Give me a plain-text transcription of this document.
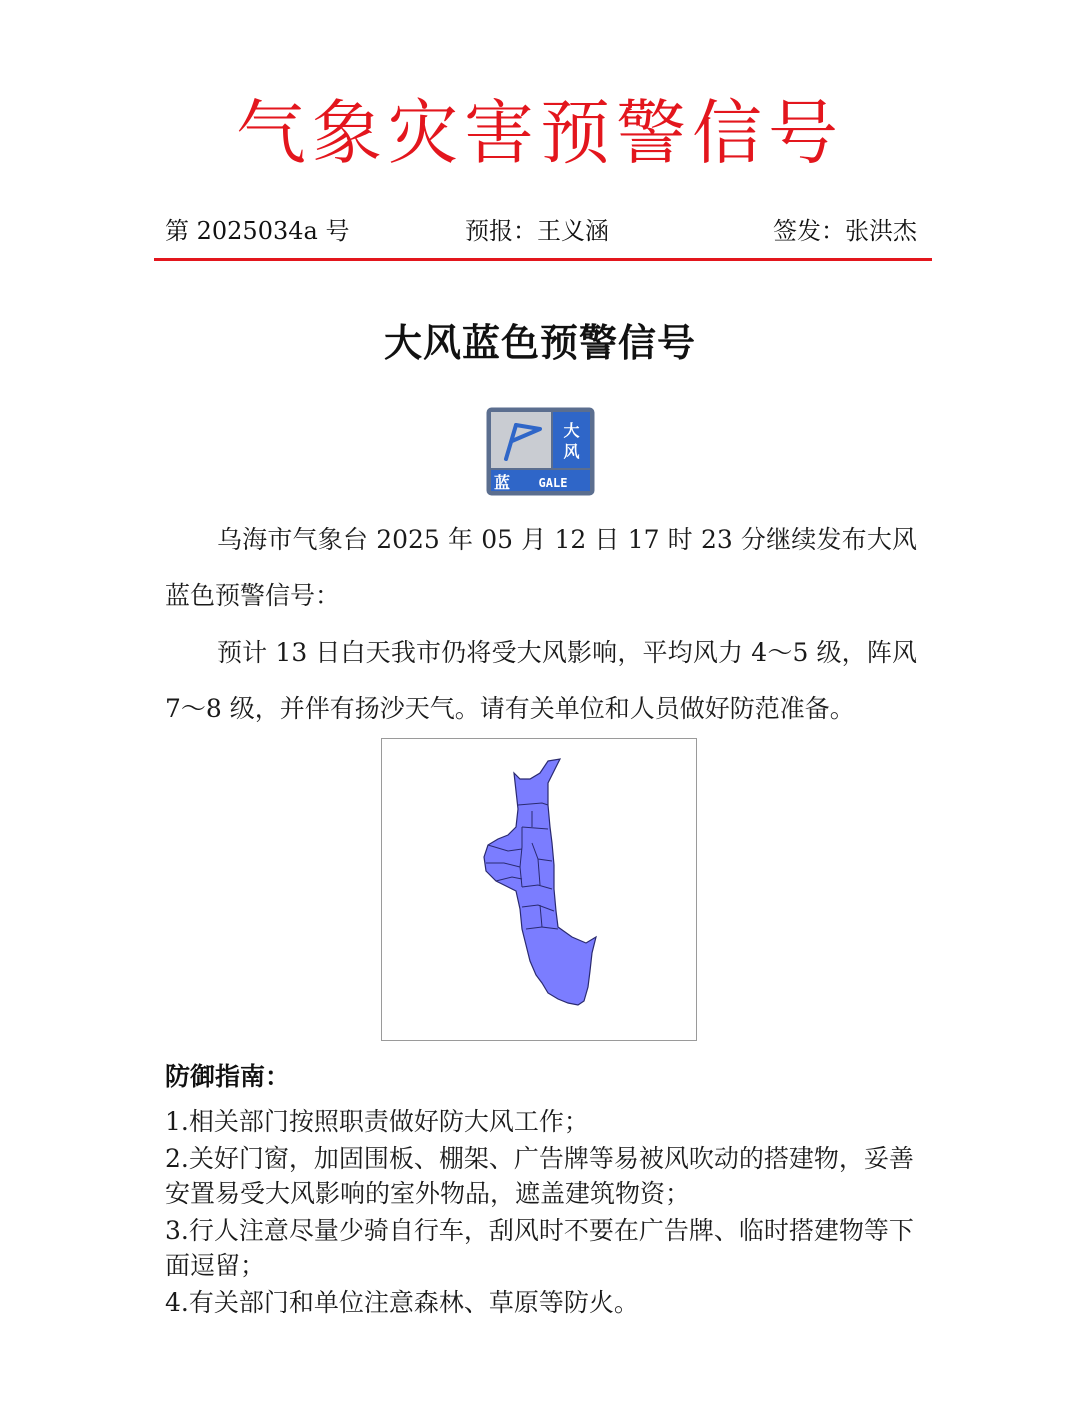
气象灾害预警信号
第 2025034a 号	预报：王义涵	签发：张洪杰
大风蓝色预警信号
大
风
蓝 GALE
乌海市气象台 2025 年 05 月 12 日 17 时 23 分继续发布大风蓝色预警信号：
预计 13 日白天我市仍将受大风影响，平均风力 4～5 级，阵风 7～8 级，并伴有扬沙天气。请有关单位和人员做好防范准备。
防御指南：
1.相关部门按照职责做好防大风工作；
2.关好门窗，加固围板、棚架、广告牌等易被风吹动的搭建物，妥善安置易受大风影响的室外物品，遮盖建筑物资；
3.行人注意尽量少骑自行车，刮风时不要在广告牌、临时搭建物等下面逗留；
4.有关部门和单位注意森林、草原等防火。
